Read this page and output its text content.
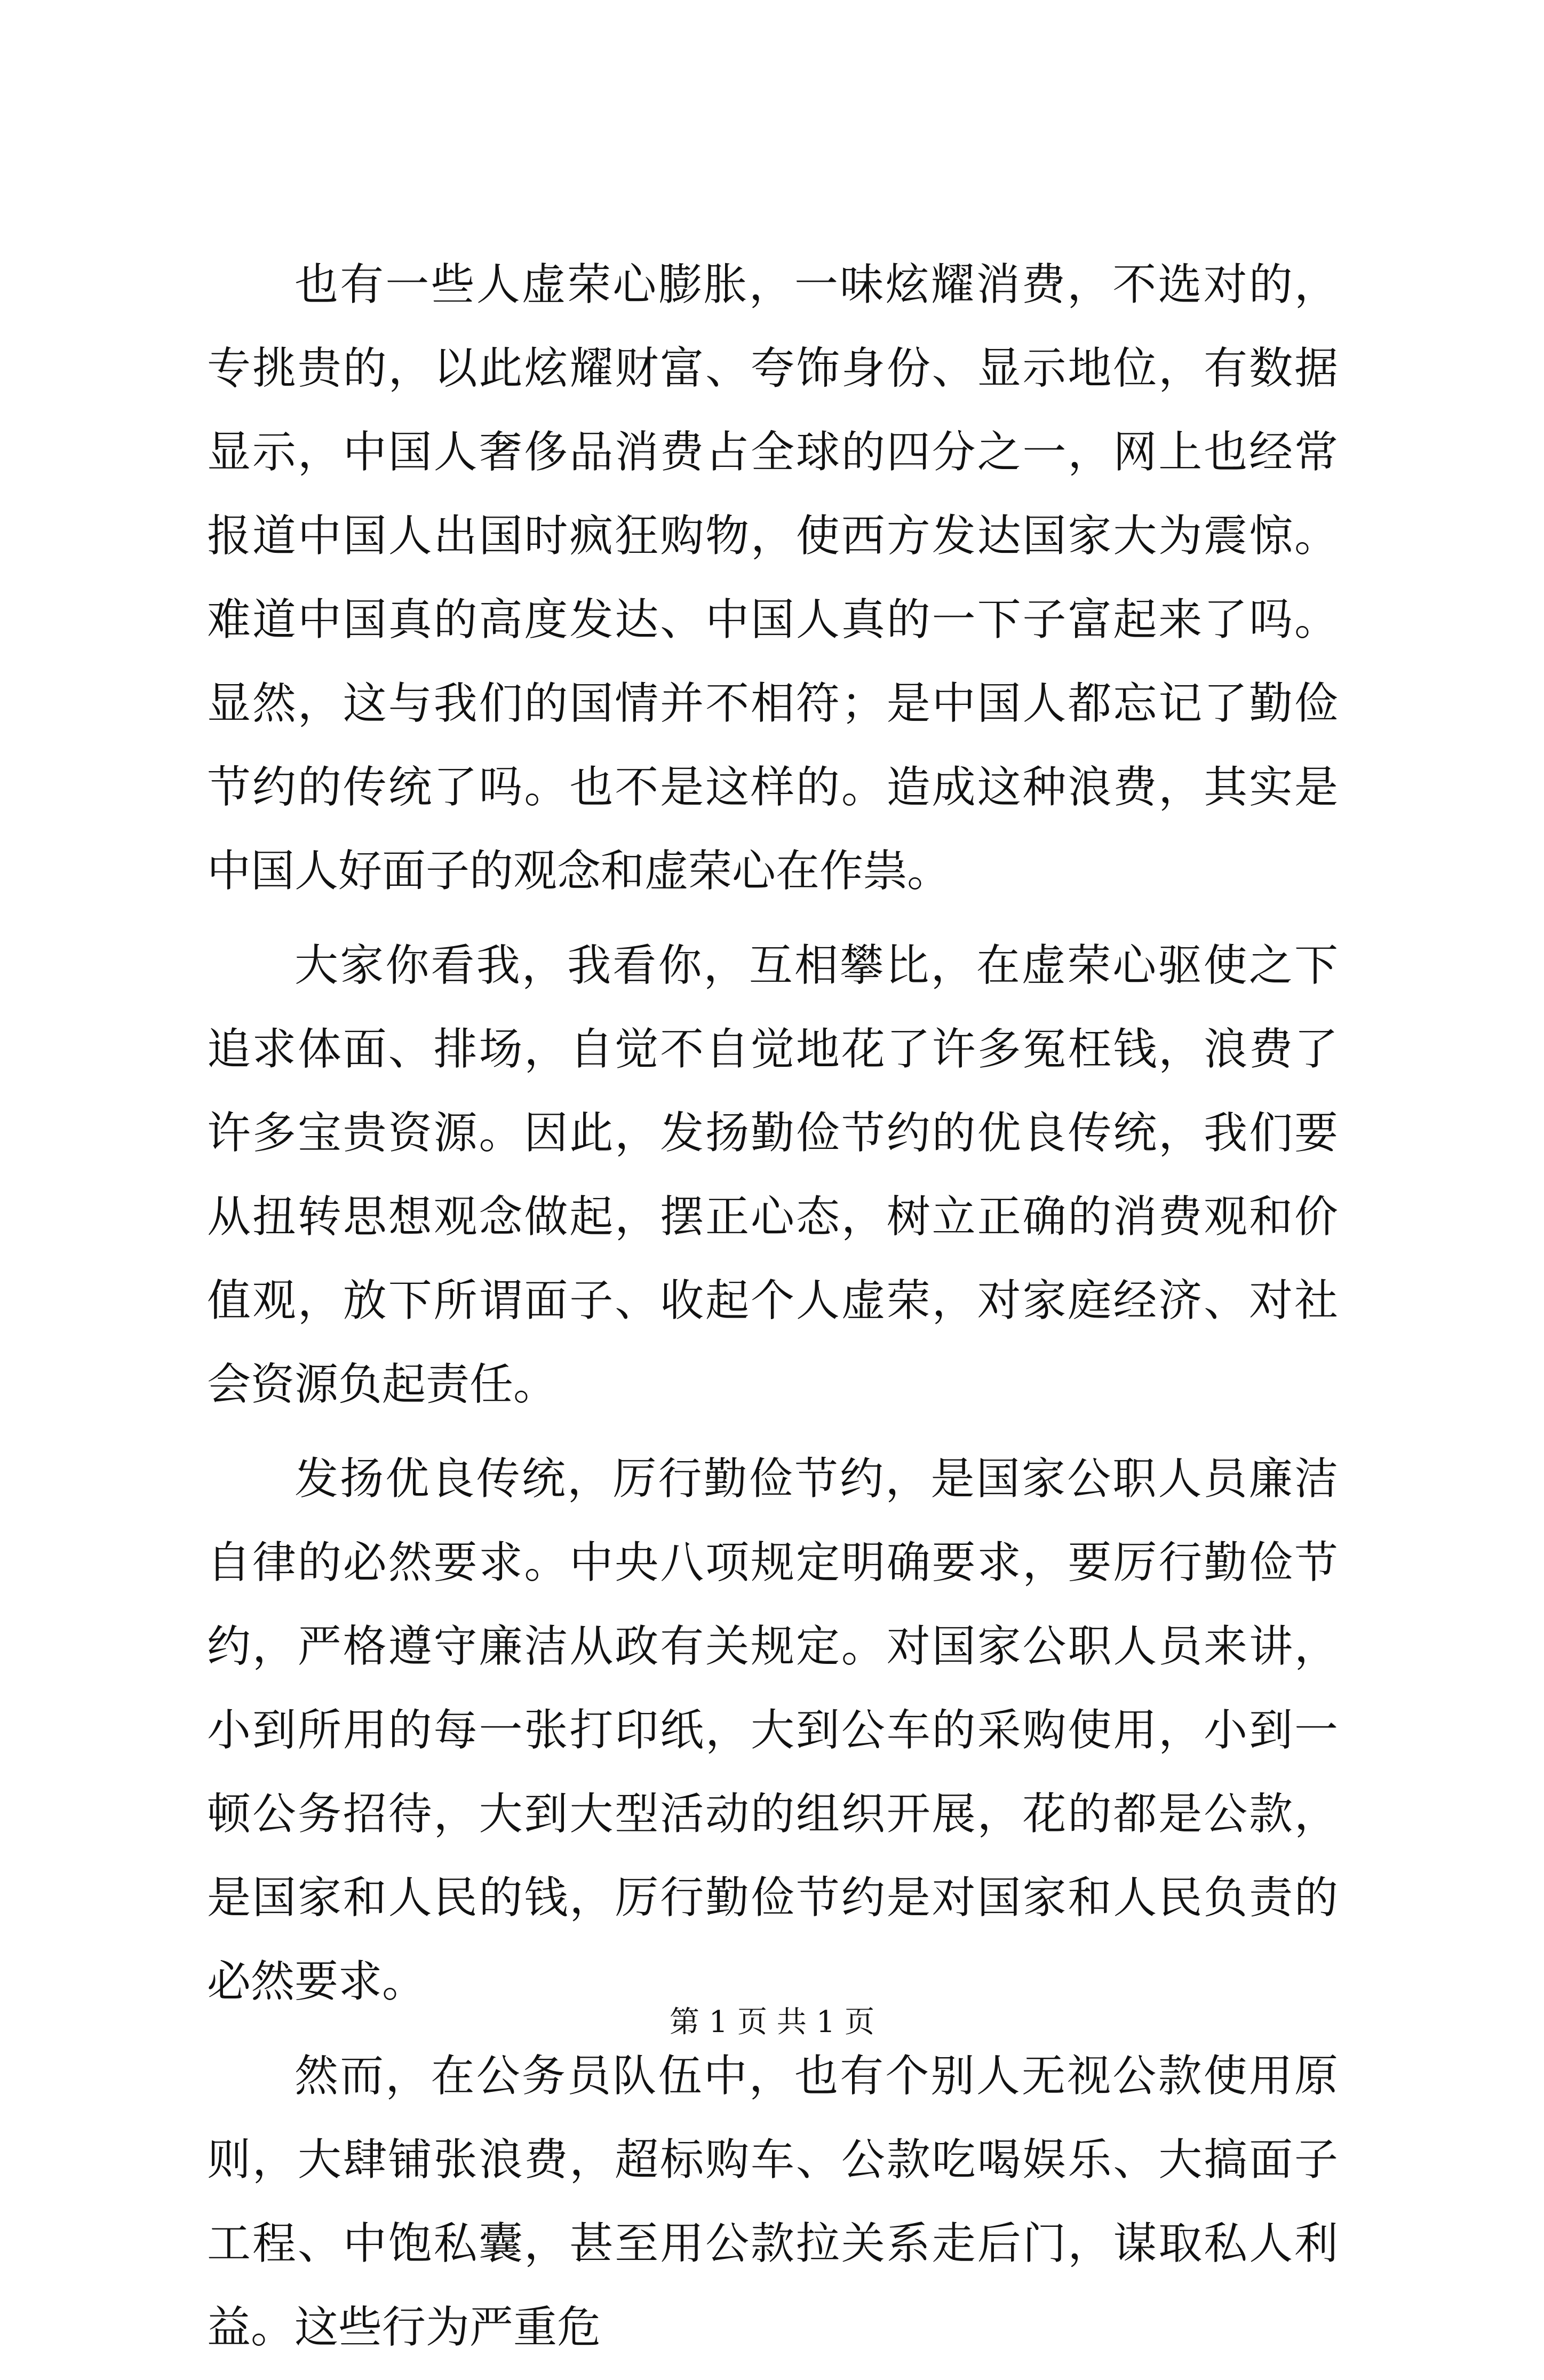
也有一些人虚荣心膨胀，一味炫耀消费，不选对的，专挑贵的，以此炫耀财富、夸饰身份、显示地位，有数据显示，中国人奢侈品消费占全球的四分之一，网上也经常报道中国人出国时疯狂购物，使西方发达国家大为震惊。难道中国真的高度发达、中国人真的一下子富起来了吗。显然，这与我们的国情并不相符；是中国人都忘记了勤俭节约的传统了吗。也不是这样的。造成这种浪费，其实是中国人好面子的观念和虚荣心在作祟。

大家你看我，我看你，互相攀比，在虚荣心驱使之下追求体面、排场，自觉不自觉地花了许多冤枉钱，浪费了许多宝贵资源。因此，发扬勤俭节约的优良传统，我们要从扭转思想观念做起，摆正心态，树立正确的消费观和价值观，放下所谓面子、收起个人虚荣，对家庭经济、对社会资源负起责任。

发扬优良传统，厉行勤俭节约，是国家公职人员廉洁自律的必然要求。中央八项规定明确要求，要厉行勤俭节约，严格遵守廉洁从政有关规定。对国家公职人员来讲，小到所用的每一张打印纸，大到公车的采购使用，小到一顿公务招待，大到大型活动的组织开展，花的都是公款，是国家和人民的钱，厉行勤俭节约是对国家和人民负责的必然要求。

然而，在公务员队伍中，也有个别人无视公款使用原则，大肆铺张浪费，超标购车、公款吃喝娱乐、大搞面子工程、中饱私囊，甚至用公款拉关系走后门，谋取私人利益。这些行为严重危

第 1 页 共 1 页
